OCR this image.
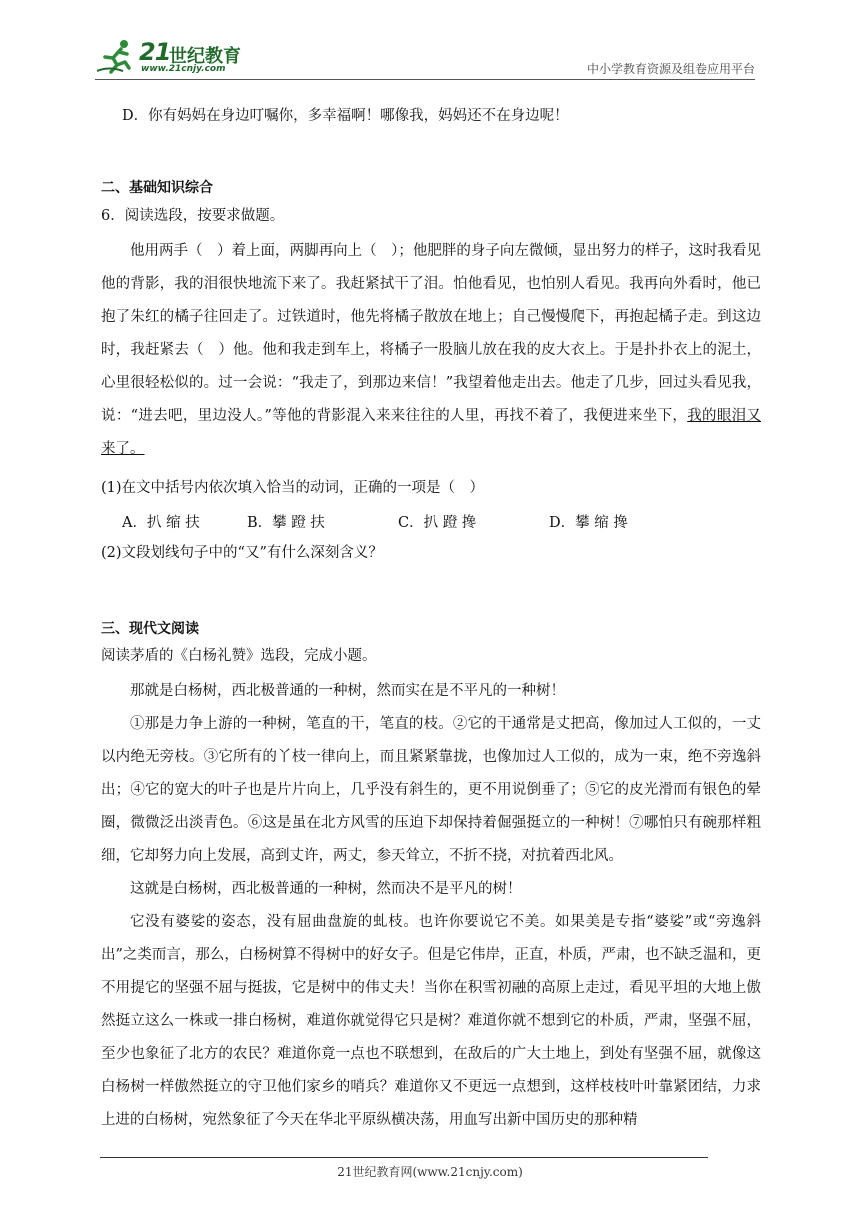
21
世纪教育
www.21cnjy.com	中小学教育资源及组卷应用平台
D．你有妈妈在身边叮嘱你，多幸福啊！哪像我，妈妈还不在身边呢！
二、基础知识综合
6．阅读选段，按要求做题。
他用两手（　）着上面，两脚再向上（　）；他肥胖的身子向左微倾，显出努力的样子，这时我看见他的背影，我的泪很快地流下来了。我赶紧拭干了泪。怕他看见，也怕别人看见。我再向外看时，他已抱了朱红的橘子往回走了。过铁道时，他先将橘子散放在地上；自己慢慢爬下，再抱起橘子走。到这边时，我赶紧去（　）他。他和我走到车上，将橘子一股脑儿放在我的皮大衣上。于是扑扑衣上的泥土，心里很轻松似的。过一会说：“我走了，到那边来信！”我望着他走出去。他走了几步，回过头看见我，说：“进去吧，里边没人。”等他的背影混入来来往往的人里，再找不着了，我便进来坐下，我的眼泪又来了。
(1)在文中括号内依次填入恰当的动词，正确的一项是（　）
A．扒 缩 扶	B．攀 蹬 扶	C．扒 蹬 搀	D．攀 缩 搀
(2)文段划线句子中的“又”有什么深刻含义？
三、现代文阅读
阅读茅盾的《白杨礼赞》选段，完成小题。
那就是白杨树，西北极普通的一种树，然而实在是不平凡的一种树！
①那是力争上游的一种树，笔直的干，笔直的枝。②它的干通常是丈把高，像加过人工似的，一丈以内绝无旁枝。③它所有的丫枝一律向上，而且紧紧靠拢，也像加过人工似的，成为一束，绝不旁逸斜出；④它的宽大的叶子也是片片向上，几乎没有斜生的，更不用说倒垂了；⑤它的皮光滑而有银色的晕圈，微微泛出淡青色。⑥这是虽在北方风雪的压迫下却保持着倔强挺立的一种树！⑦哪怕只有碗那样粗细，它却努力向上发展，高到丈许，两丈，参天耸立，不折不挠，对抗着西北风。
这就是白杨树，西北极普通的一种树，然而决不是平凡的树！
它没有婆娑的姿态，没有屈曲盘旋的虬枝。也许你要说它不美。如果美是专指“婆娑”或“旁逸斜出”之类而言，那么，白杨树算不得树中的好女子。但是它伟岸，正直，朴质，严肃，也不缺乏温和，更不用提它的坚强不屈与挺拔，它是树中的伟丈夫！当你在积雪初融的高原上走过，看见平坦的大地上傲然挺立这么一株或一排白杨树，难道你就觉得它只是树？难道你就不想到它的朴质，严肃，坚强不屈，至少也象征了北方的农民？难道你竟一点也不联想到，在敌后的广大土地上，到处有坚强不屈，就像这白杨树一样傲然挺立的守卫他们家乡的哨兵？难道你又不更远一点想到，这样枝枝叶叶靠紧团结，力求上进的白杨树，宛然象征了今天在华北平原纵横决荡，用血写出新中国历史的那种精
21世纪教育网(www.21cnjy.com)
